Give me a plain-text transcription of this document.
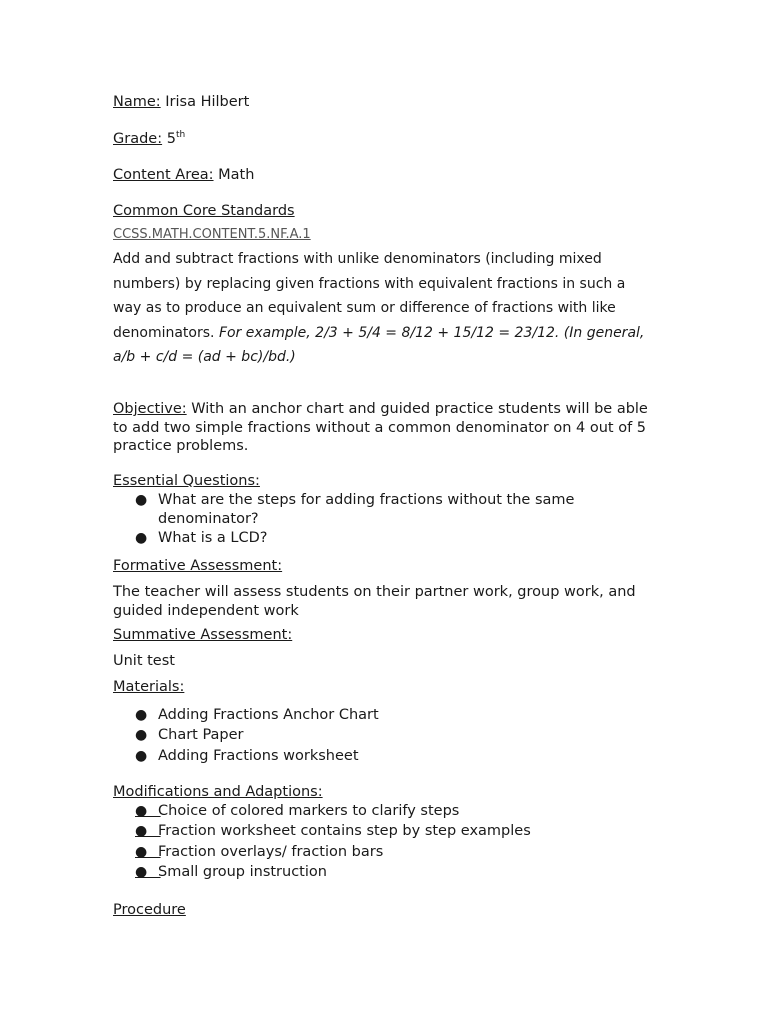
Name: Irisa Hilbert
Grade: 5th
Content Area: Math
Common Core Standards
CCSS.MATH.CONTENT.5.NF.A.1
Add and subtract fractions with unlike denominators (including mixed numbers) by replacing given fractions with equivalent fractions in such a way as to produce an equivalent sum or difference of fractions with like denominators. For example, 2/3 + 5/4 = 8/12 + 15/12 = 23/12. (In general, a/b + c/d = (ad + bc)/bd.)
Objective: With an anchor chart and guided practice students will be able to add two simple fractions without a common denominator on 4 out of 5 practice problems.
Essential Questions:
● What are the steps for adding fractions without the same denominator?
● What is a LCD?
Formative Assessment:
The teacher will assess students on their partner work, group work, and guided independent work
Summative Assessment:
Unit test
Materials:
● Adding Fractions Anchor Chart
● Chart Paper
● Adding Fractions worksheet
Modifications and Adaptions:
●
Choice of colored markers to clarify steps
●
Fraction worksheet contains step by step examples
●
Fraction overlays/ fraction bars
●
Small group instruction
Procedure
